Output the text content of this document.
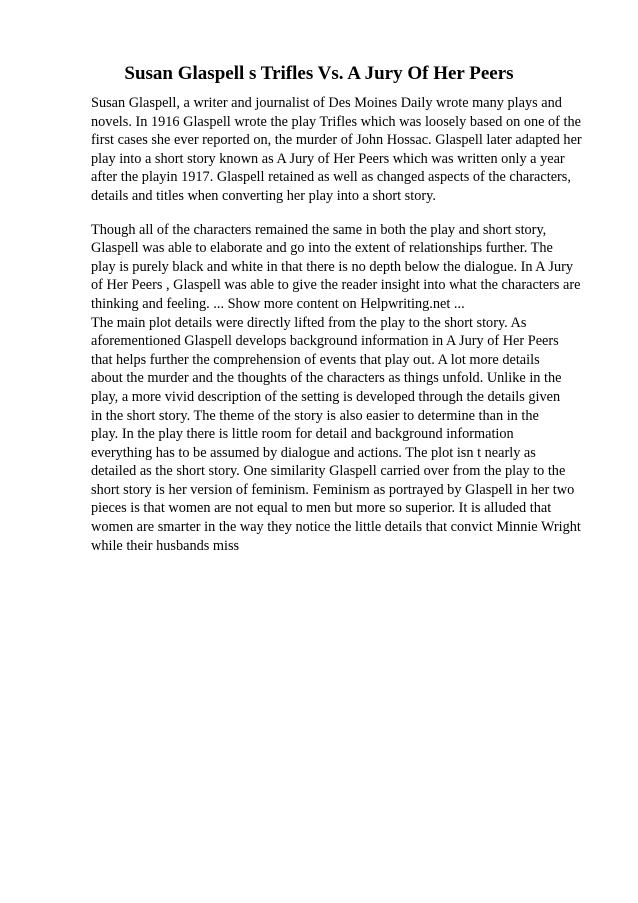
Susan Glaspell s Trifles Vs. A Jury Of Her Peers
Susan Glaspell, a writer and journalist of Des Moines Daily wrote many plays and
novels. In 1916 Glaspell wrote the play Trifles which was loosely based on one of the
first cases she ever reported on, the murder of John Hossac. Glaspell later adapted her
play into a short story known as A Jury of Her Peers which was written only a year
after the playin 1917. Glaspell retained as well as changed aspects of the characters,
details and titles when converting her play into a short story.
Though all of the characters remained the same in both the play and short story,
Glaspell was able to elaborate and go into the extent of relationships further. The
play is purely black and white in that there is no depth below the dialogue. In A Jury
of Her Peers , Glaspell was able to give the reader insight into what the characters are
thinking and feeling. ... Show more content on Helpwriting.net ...
The main plot details were directly lifted from the play to the short story. As
aforementioned Glaspell develops background information in A Jury of Her Peers
that helps further the comprehension of events that play out. A lot more details
about the murder and the thoughts of the characters as things unfold. Unlike in the
play, a more vivid description of the setting is developed through the details given
in the short story. The theme of the story is also easier to determine than in the
play. In the play there is little room for detail and background information
everything has to be assumed by dialogue and actions. The plot isn t nearly as
detailed as the short story. One similarity Glaspell carried over from the play to the
short story is her version of feminism. Feminism as portrayed by Glaspell in her two
pieces is that women are not equal to men but more so superior. It is alluded that
women are smarter in the way they notice the little details that convict Minnie Wright
while their husbands miss
